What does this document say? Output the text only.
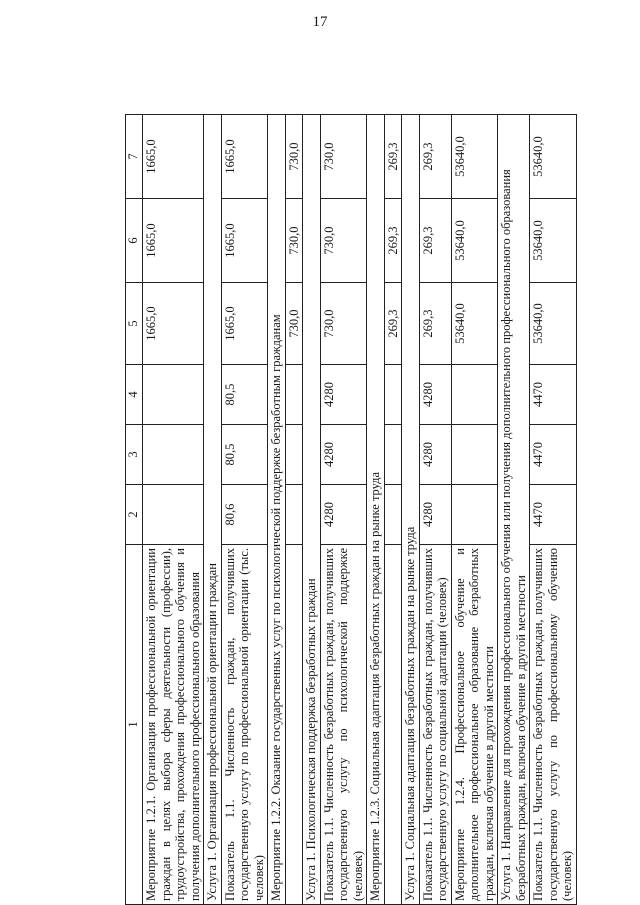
17
1	2	3	4	5	6	7
Мероприятие 1.2.1. Организация профессиональной ориентации граждан в целях выбора сферы деятельности (профессии), трудоустройства, прохождения профессионального обучения и получения дополнительного профессионального образования				1665,0	1665,0	1665,0
Услуга 1. Организация профессиональной ориентации граждан						
Показатель 1.1. Численность граждан, получивших государственную услугу по профессиональной ориентации (тыс. человек)	80,6	80,5	80,5	1665,0	1665,0	1665,0
Мероприятие 1.2.2. Оказание государственных услуг по психологической поддержке безработным гражданам						
				730,0	730,0	730,0
Услуга 1. Психологическая поддержка безработных граждан						
Показатель 1.1. Численность безработных граждан, получивших государственную услугу по психологической поддержке (человек)	4280	4280	4280	730,0	730,0	730,0
Мероприятие 1.2.3. Социальная адаптация безработных граждан на рынке труда						
				269,3	269,3	269,3
Услуга 1. Социальная адаптация безработных граждан на рынке труда						
Показатель 1.1. Численность безработных граждан, получивших государственную услугу по социальной адаптации (человек)	4280	4280	4280	269,3	269,3	269,3
Мероприятие 1.2.4. Профессиональное обучение и дополнительное профессиональное образование безработных граждан, включая обучение в другой местности				53640,0	53640,0	53640,0
Услуга 1. Направление для прохождения профессионального обучения или получения дополнительного профессионального образования безработных граждан, включая обучение в другой местности						
Показатель 1.1. Численность безработных граждан, получивших государственную услугу по профессиональному обучению (человек)	4470	4470	4470	53640,0	53640,0	53640,0
